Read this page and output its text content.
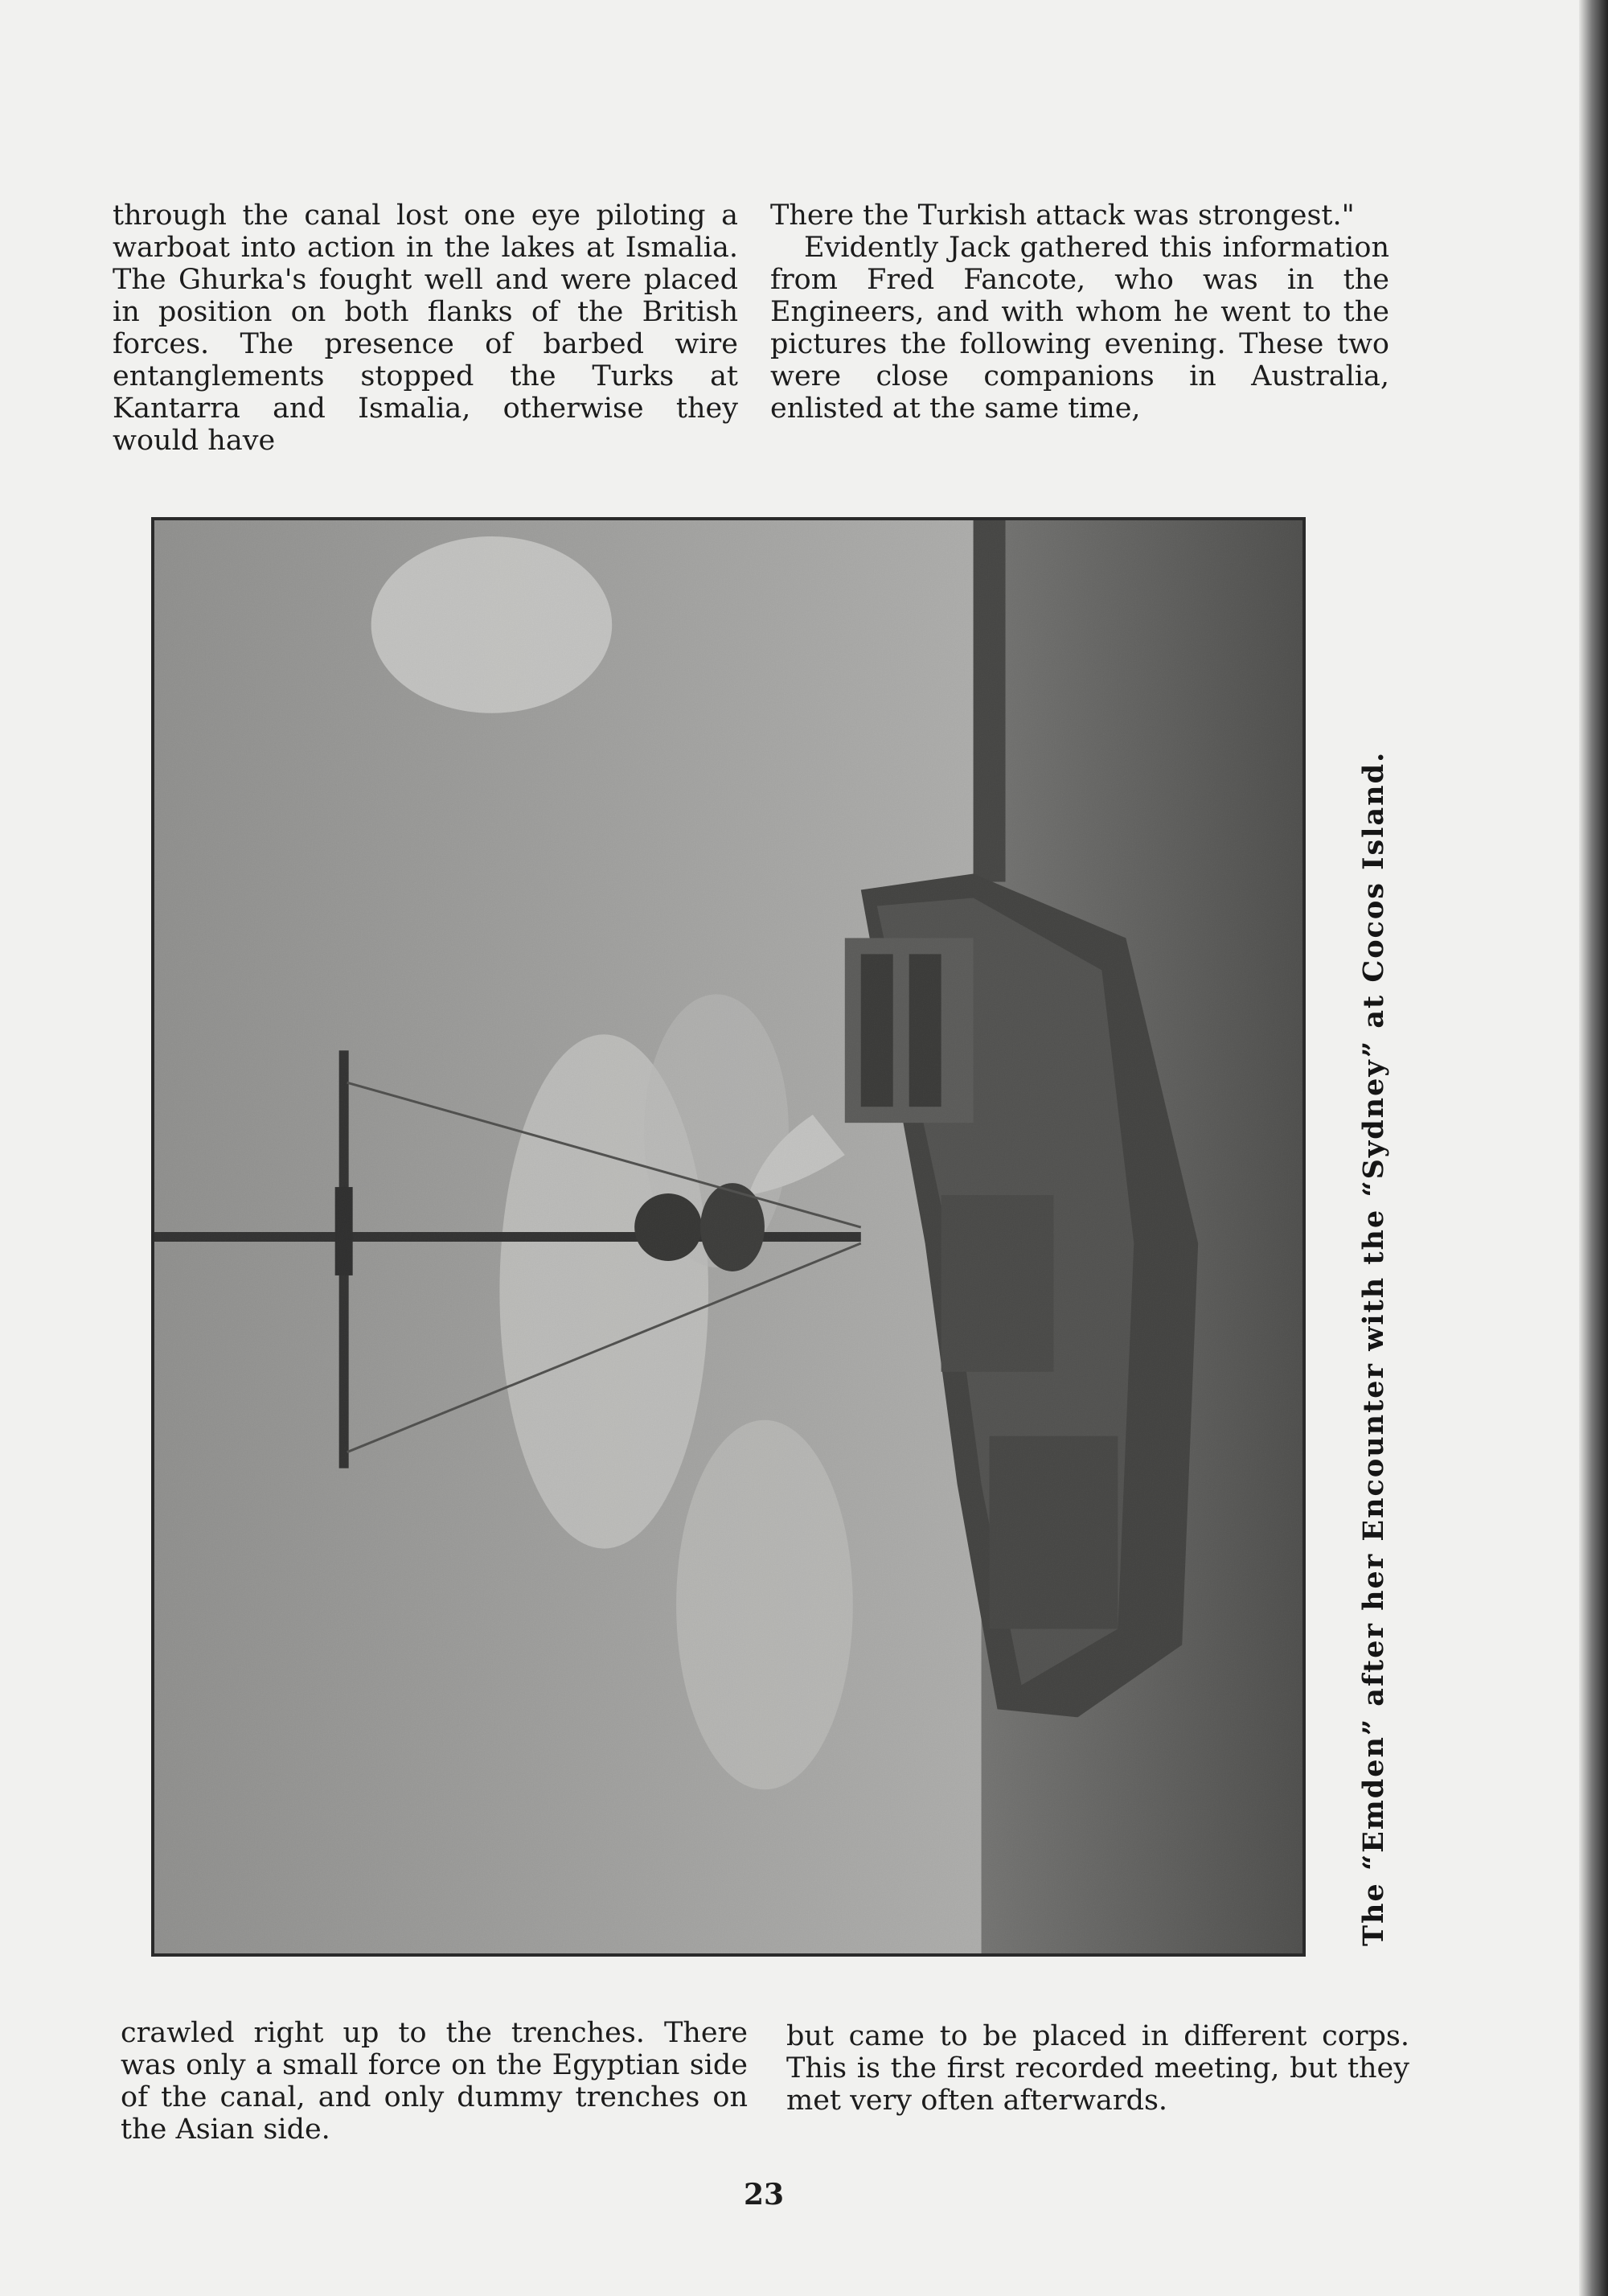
through the canal lost one eye piloting a warboat into action in the lakes at Ismalia. The Ghurka's fought well and were placed in position on both flanks of the British forces. The presence of barbed wire entanglements stopped the Turks at Kantarra and Ismalia, otherwise they would have

There the Turkish attack was strongest."

Evidently Jack gathered this information from Fred Fancote, who was in the Engineers, and with whom he went to the pictures the following evening. These two were close companions in Australia, enlisted at the same time,

The “Emden” after her Encounter with the “Sydney” at Cocos Island.

crawled right up to the trenches. There was only a small force on the Egyptian side of the canal, and only dummy trenches on the Asian side.

but came to be placed in different corps. This is the first recorded meeting, but they met very often afterwards.

23
